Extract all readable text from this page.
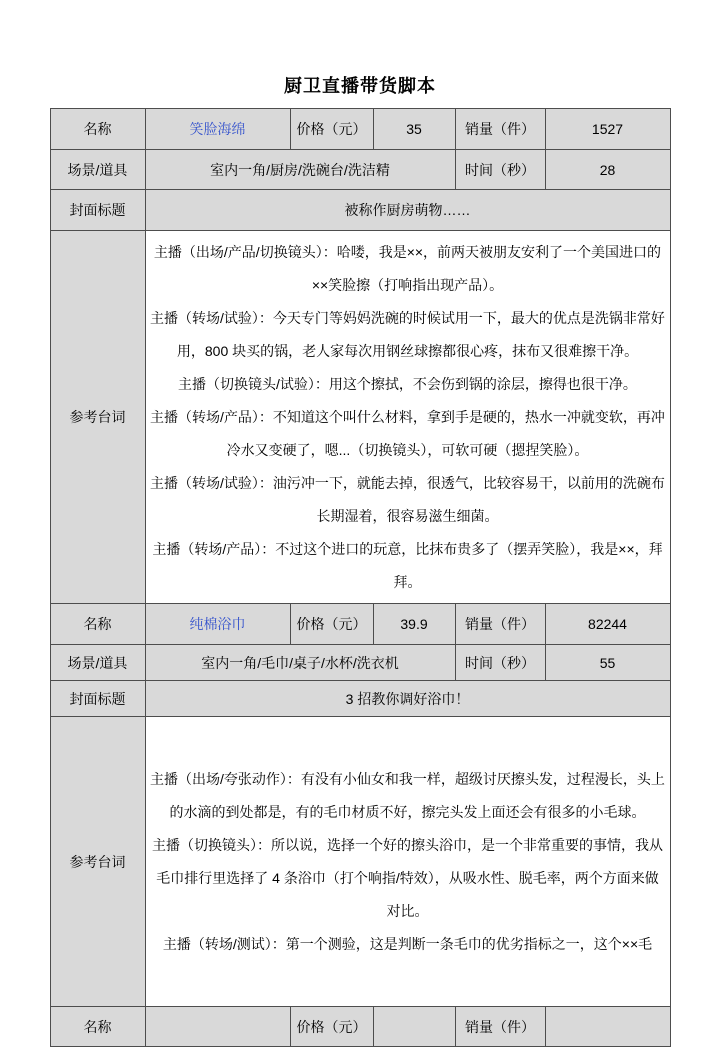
厨卫直播带货脚本
名称	笑脸海绵	价格（元）	35	销量（件）	1527
场景/道具	室内一角/厨房/洗碗台/洗洁精			时间（秒）	28
封面标题	被称作厨房萌物……				
参考台词	

主播（出场/产品/切换镜头）：哈喽，我是××，前两天被朋友安利了一个美国进口的××笑脸擦（打响指出现产品）。

主播（转场/试验）：今天专门等妈妈洗碗的时候试用一下，最大的优点是洗锅非常好用，800 块买的锅，老人家每次用钢丝球擦都很心疼，抹布又很难擦干净。

主播（切换镜头/试验）：用这个擦拭，不会伤到锅的涂层，擦得也很干净。

主播（转场/产品）：不知道这个叫什么材料，拿到手是硬的，热水一冲就变软，再冲冷水又变硬了，嗯...（切换镜头），可软可硬（摁捏笑脸）。

主播（转场/试验）：油污冲一下，就能去掉，很透气，比较容易干，以前用的洗碗布长期湿着，很容易滋生细菌。

主播（转场/产品）：不过这个进口的玩意，比抹布贵多了（摆弄笑脸），我是××，拜拜。

名称	纯棉浴巾	价格（元）	39.9	销量（件）	82244
场景/道具	室内一角/毛巾/桌子/水杯/洗衣机			时间（秒）	55
封面标题	3 招教你调好浴巾！				
参考台词	主播（出场/夸张动作）：有没有小仙女和我一样，超级讨厌擦头发，过程漫长，头上的水滴的到处都是，有的毛巾材质不好，擦完头发上面还会有很多的小毛球。

主播（切换镜头）：所以说，选择一个好的擦头浴巾，是一个非常重要的事情，我从毛巾排行里选择了 4 条浴巾（打个响指/特效），从吸水性、脱毛率，两个方面来做对比。

主播（转场/测试）：第一个测验，这是判断一条毛巾的优劣指标之一，这个××毛				

名称		价格（元）		销量（件）	
